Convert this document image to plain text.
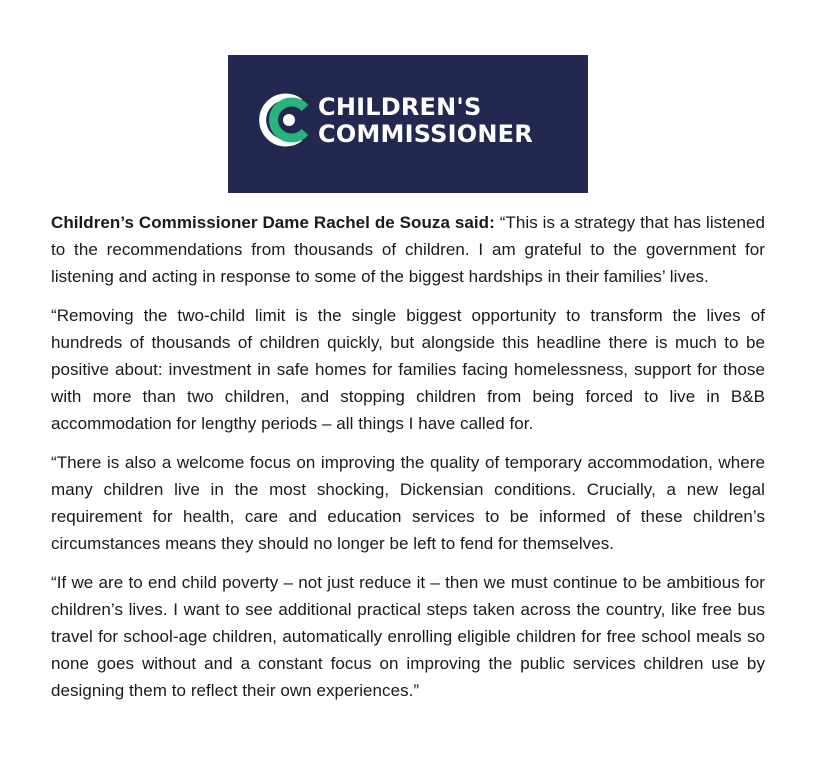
CHILDREN'S
COMMISSIONER

Children’s Commissioner Dame Rachel de Souza said: “This is a strategy that has listened to the recommendations from thousands of children. I am grateful to the government for listening and acting in response to some of the biggest hardships in their families’ lives.

“Removing the two-child limit is the single biggest opportunity to transform the lives of hundreds of thousands of children quickly, but alongside this headline there is much to be positive about: investment in safe homes for families facing homelessness, support for those with more than two children, and stopping children from being forced to live in B&B accommodation for lengthy periods – all things I have called for.

“There is also a welcome focus on improving the quality of temporary accommodation, where many children live in the most shocking, Dickensian conditions. Crucially, a new legal requirement for health, care and education services to be informed of these children’s circumstances means they should no longer be left to fend for themselves.

“If we are to end child poverty – not just reduce it – then we must continue to be ambitious for children’s lives. I want to see additional practical steps taken across the country, like free bus travel for school-age children, automatically enrolling eligible children for free school meals so none goes without and a constant focus on improving the public services children use by designing them to reflect their own experiences.”
